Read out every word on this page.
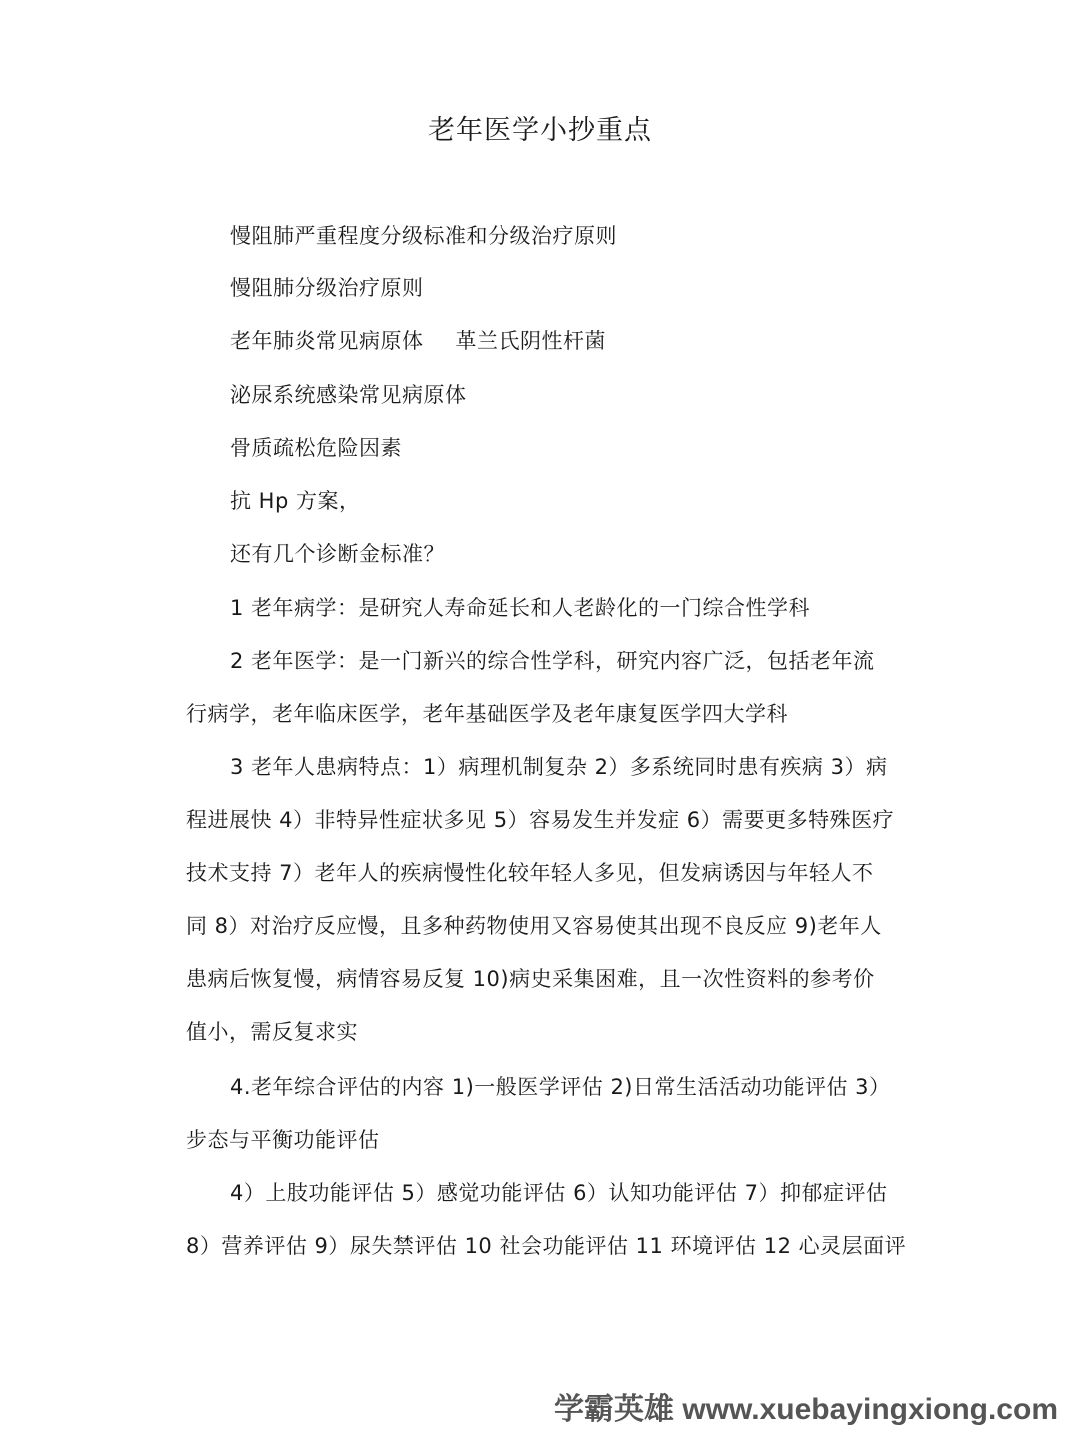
老年医学小抄重点
慢阻肺严重程度分级标准和分级治疗原则
慢阻肺分级治疗原则
老年肺炎常见病原体 革兰氏阴性杆菌
泌尿系统感染常见病原体
骨质疏松危险因素
抗 Hp 方案，
还有几个诊断金标准？
1 老年病学：是研究人寿命延长和人老龄化的一门综合性学科
2 老年医学：是一门新兴的综合性学科，研究内容广泛，包括老年流
行病学，老年临床医学，老年基础医学及老年康复医学四大学科
3 老年人患病特点：1）病理机制复杂 2）多系统同时患有疾病 3）病
程进展快 4）非特异性症状多见 5）容易发生并发症 6）需要更多特殊医疗
技术支持 7）老年人的疾病慢性化较年轻人多见，但发病诱因与年轻人不
同 8）对治疗反应慢，且多种药物使用又容易使其出现不良反应 9)老年人
患病后恢复慢，病情容易反复 10)病史采集困难，且一次性资料的参考价
值小，需反复求实
4.老年综合评估的内容 1)一般医学评估 2)日常生活活动功能评估 3）
步态与平衡功能评估
4）上肢功能评估 5）感觉功能评估 6）认知功能评估 7）抑郁症评估
8）营养评估 9）尿失禁评估 10 社会功能评估 11 环境评估 12 心灵层面评
学霸英雄 www.xuebayingxiong.com
